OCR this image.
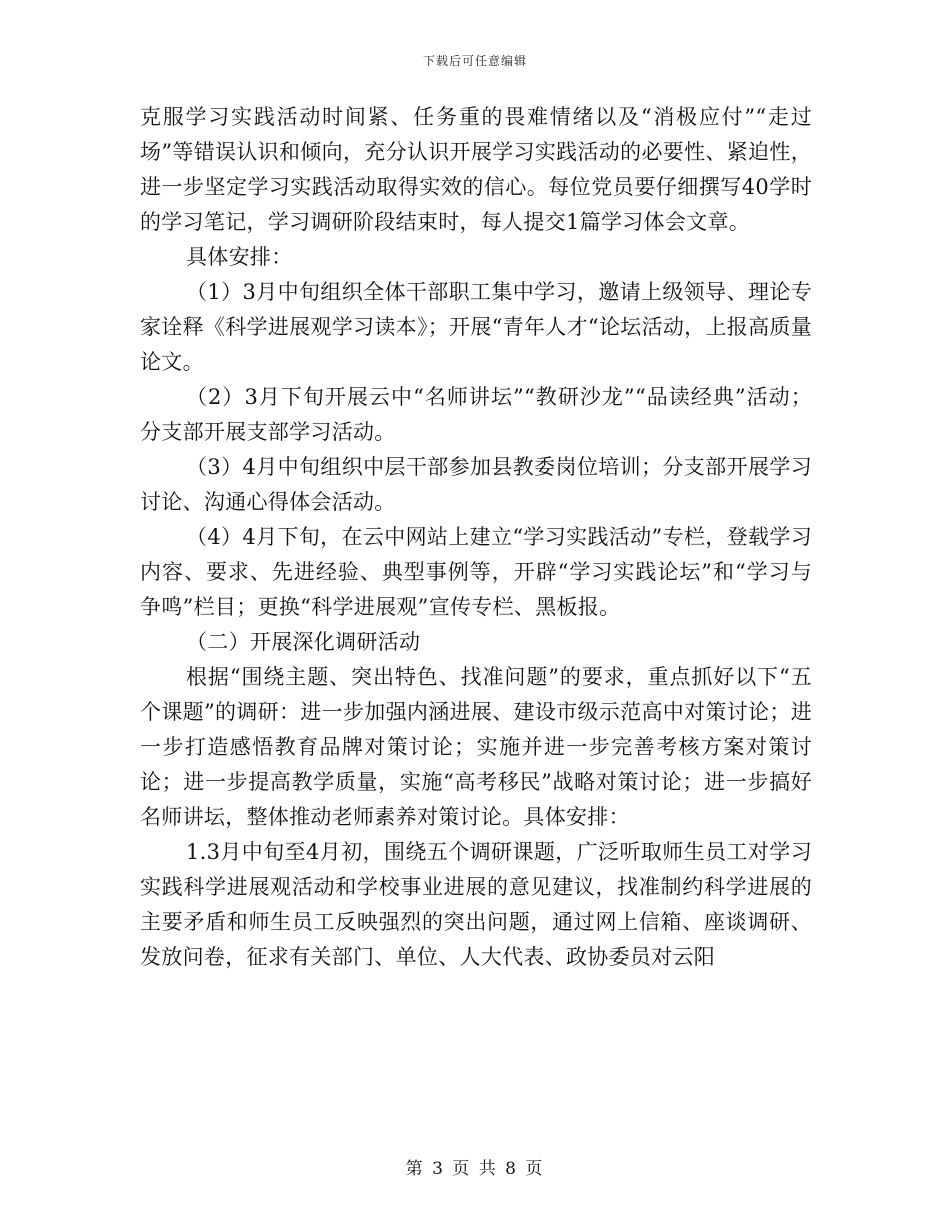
下载后可任意编辑

克服学习实践活动时间紧、任务重的畏难情绪以及“消极应付”“走过场”等错误认识和倾向，充分认识开展学习实践活动的必要性、紧迫性，进一步坚定学习实践活动取得实效的信心。每位党员要仔细撰写40学时的学习笔记，学习调研阶段结束时，每人提交1篇学习体会文章。

具体安排：

（1）3月中旬组织全体干部职工集中学习，邀请上级领导、理论专家诠释《科学进展观学习读本》；开展“青年人才“论坛活动，上报高质量论文。

（2）3月下旬开展云中“名师讲坛”“教研沙龙”“品读经典”活动；分支部开展支部学习活动。

（3）4月中旬组织中层干部参加县教委岗位培训；分支部开展学习讨论、沟通心得体会活动。

（4）4月下旬，在云中网站上建立“学习实践活动”专栏，登载学习内容、要求、先进经验、典型事例等，开辟“学习实践论坛”和“学习与争鸣”栏目；更换“科学进展观”宣传专栏、黑板报。

（二）开展深化调研活动

根据“围绕主题、突出特色、找准问题”的要求，重点抓好以下“五个课题”的调研：进一步加强内涵进展、建设市级示范高中对策讨论；进一步打造感悟教育品牌对策讨论；实施并进一步完善考核方案对策讨论；进一步提高教学质量，实施“高考移民”战略对策讨论；进一步搞好名师讲坛，整体推动老师素养对策讨论。具体安排：

1.3月中旬至4月初，围绕五个调研课题，广泛听取师生员工对学习实践科学进展观活动和学校事业进展的意见建议，找准制约科学进展的主要矛盾和师生员工反映强烈的突出问题，通过网上信箱、座谈调研、发放问卷，征求有关部门、单位、人大代表、政协委员对云阳

第 3 页 共 8 页
